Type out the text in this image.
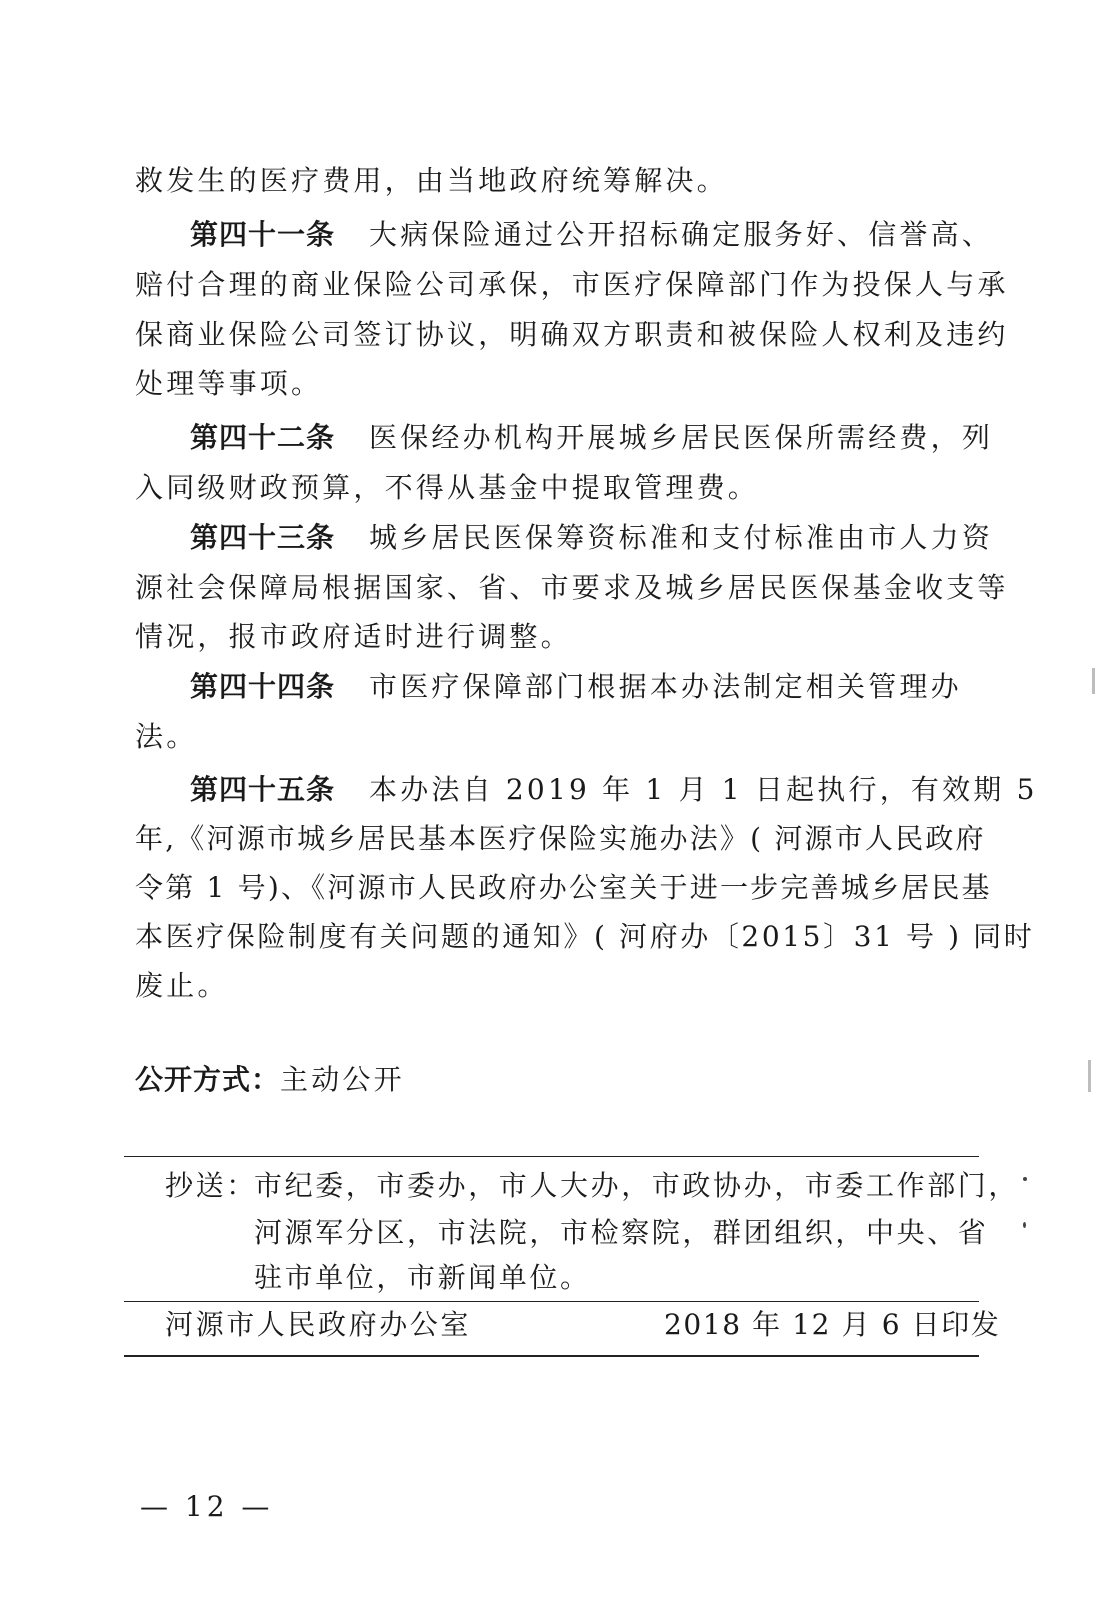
救发生的医疗费用，由当地政府统筹解决。

第四十一条 大病保险通过公开招标确定服务好、信誉高、

赔付合理的商业保险公司承保，市医疗保障部门作为投保人与承

保商业保险公司签订协议，明确双方职责和被保险人权利及违约

处理等事项。

第四十二条 医保经办机构开展城乡居民医保所需经费，列

入同级财政预算，不得从基金中提取管理费。

第四十三条 城乡居民医保筹资标准和支付标准由市人力资

源社会保障局根据国家、省、市要求及城乡居民医保基金收支等

情况，报市政府适时进行调整。

第四十四条 市医疗保障部门根据本办法制定相关管理办

法。

第四十五条 本办法自 2019 年 1 月 1 日起执行，有效期 5

年,《河源市城乡居民基本医疗保险实施办法》( 河源市人民政府

令第 1 号)、《河源市人民政府办公室关于进一步完善城乡居民基

本医疗保险制度有关问题的通知》( 河府办〔2015〕31 号 ) 同时

废止。

公开方式：主动公开

抄送：

市纪委，市委办，市人大办，市政协办，市委工作部门，

河源军分区，市法院，市检察院，群团组织，中央、省

驻市单位，市新闻单位。

河源市人民政府办公室	2018 年 12 月 6 日印发

— 12 —
